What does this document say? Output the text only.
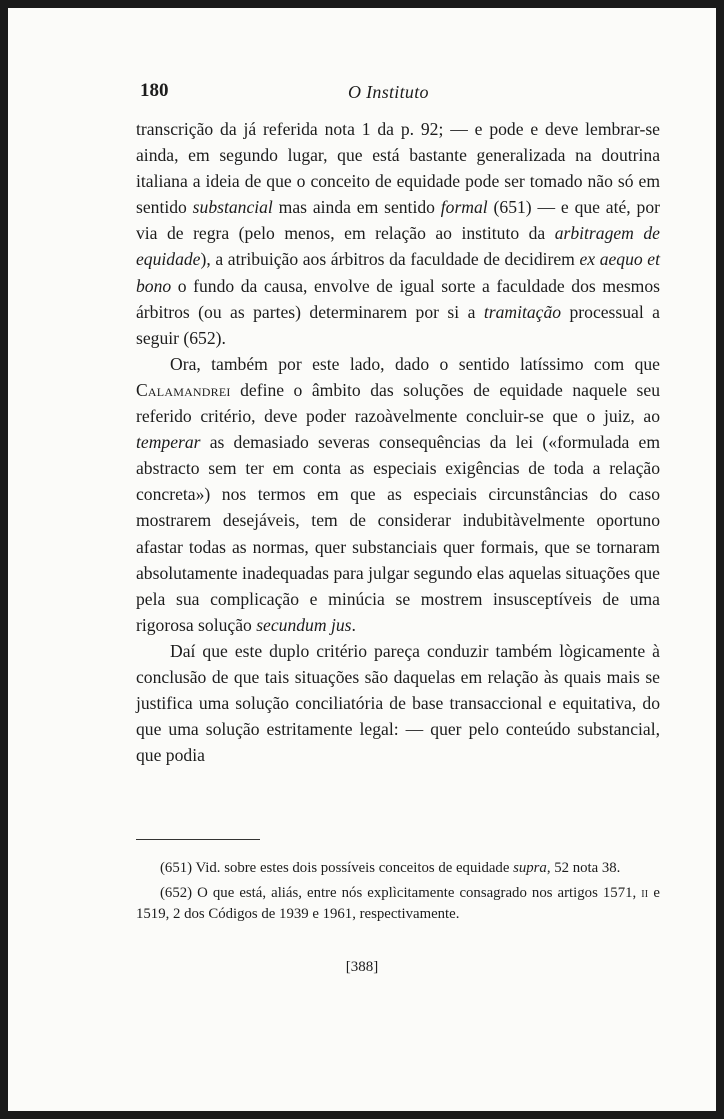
180	O Instituto

transcrição da já referida nota 1 da p. 92; — e pode e deve lembrar-se ainda, em segundo lugar, que está bastante generalizada na doutrina italiana a ideia de que o conceito de equidade pode ser tomado não só em sentido substancial mas ainda em sentido formal (651) — e que até, por via de regra (pelo menos, em relação ao instituto da arbitragem de equidade), a atribuição aos árbitros da faculdade de decidirem ex aequo et bono o fundo da causa, envolve de igual sorte a faculdade dos mesmos árbitros (ou as partes) determinarem por si a tramitação processual a seguir (652).

Ora, também por este lado, dado o sentido latíssimo com que Calamandrei define o âmbito das soluções de equidade naquele seu referido critério, deve poder razoàvelmente concluir-se que o juiz, ao temperar as demasiado severas consequências da lei («formulada em abstracto sem ter em conta as especiais exigências de toda a relação concreta») nos termos em que as especiais circunstâncias do caso mostrarem desejáveis, tem de considerar indubitàvelmente oportuno afastar todas as normas, quer substanciais quer formais, que se tornaram absolutamente inadequadas para julgar segundo elas aquelas situações que pela sua complicação e minúcia se mostrem insusceptíveis de uma rigorosa solução secundum jus.

Daí que este duplo critério pareça conduzir também lògicamente à conclusão de que tais situações são daquelas em relação às quais mais se justifica uma solução conciliatória de base transaccional e equitativa, do que uma solução estritamente legal: — quer pelo conteúdo substancial, que podia

(651) Vid. sobre estes dois possíveis conceitos de equidade supra, 52 nota 38.

(652) O que está, aliás, entre nós explìcitamente consagrado nos artigos 1571, ii e 1519, 2 dos Códigos de 1939 e 1961, respectivamente.

[388]
